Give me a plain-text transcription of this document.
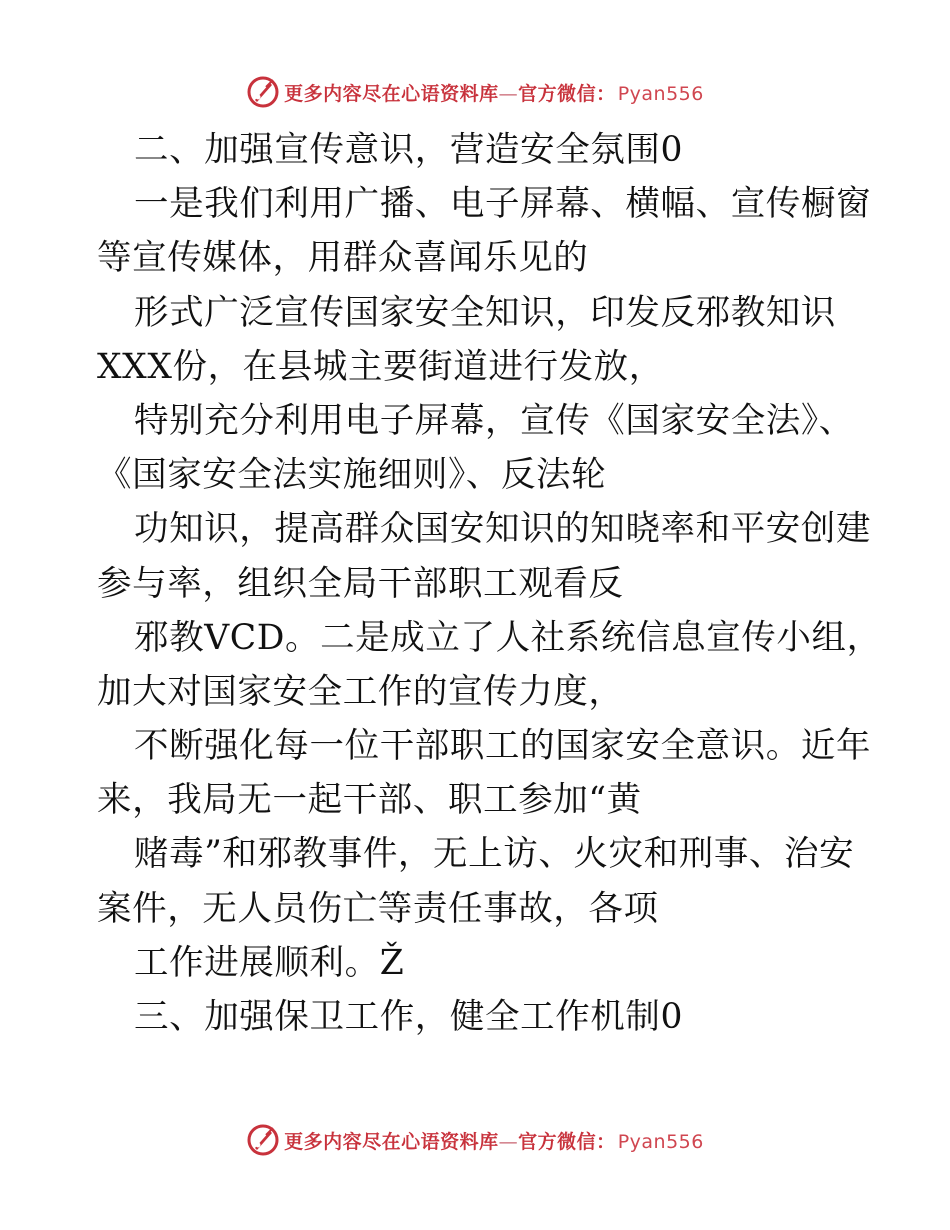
更多内容尽在心语资料库—官方微信： Pyan556
二、加强宣传意识，营造安全氛围0
一是我们利用广播、电子屏幕、横幅、宣传橱窗
等宣传媒体，用群众喜闻乐见的
形式广泛宣传国家安全知识，印发反邪教知识
XXX份，在县城主要街道进行发放，
特别充分利用电子屏幕，宣传《国家安全法》、
《国家安全法实施细则》、反法轮
功知识，提高群众国安知识的知晓率和平安创建
参与率，组织全局干部职工观看反
邪教VCD。二是成立了人社系统信息宣传小组，
加大对国家安全工作的宣传力度，
不断强化每一位干部职工的国家安全意识。近年
来，我局无一起干部、职工参加“黄
赌毒”和邪教事件，无上访、火灾和刑事、治安
案件，无人员伤亡等责任事故，各项
工作进展顺利。Ž
三、加强保卫工作，健全工作机制0
更多内容尽在心语资料库—官方微信： Pyan556
